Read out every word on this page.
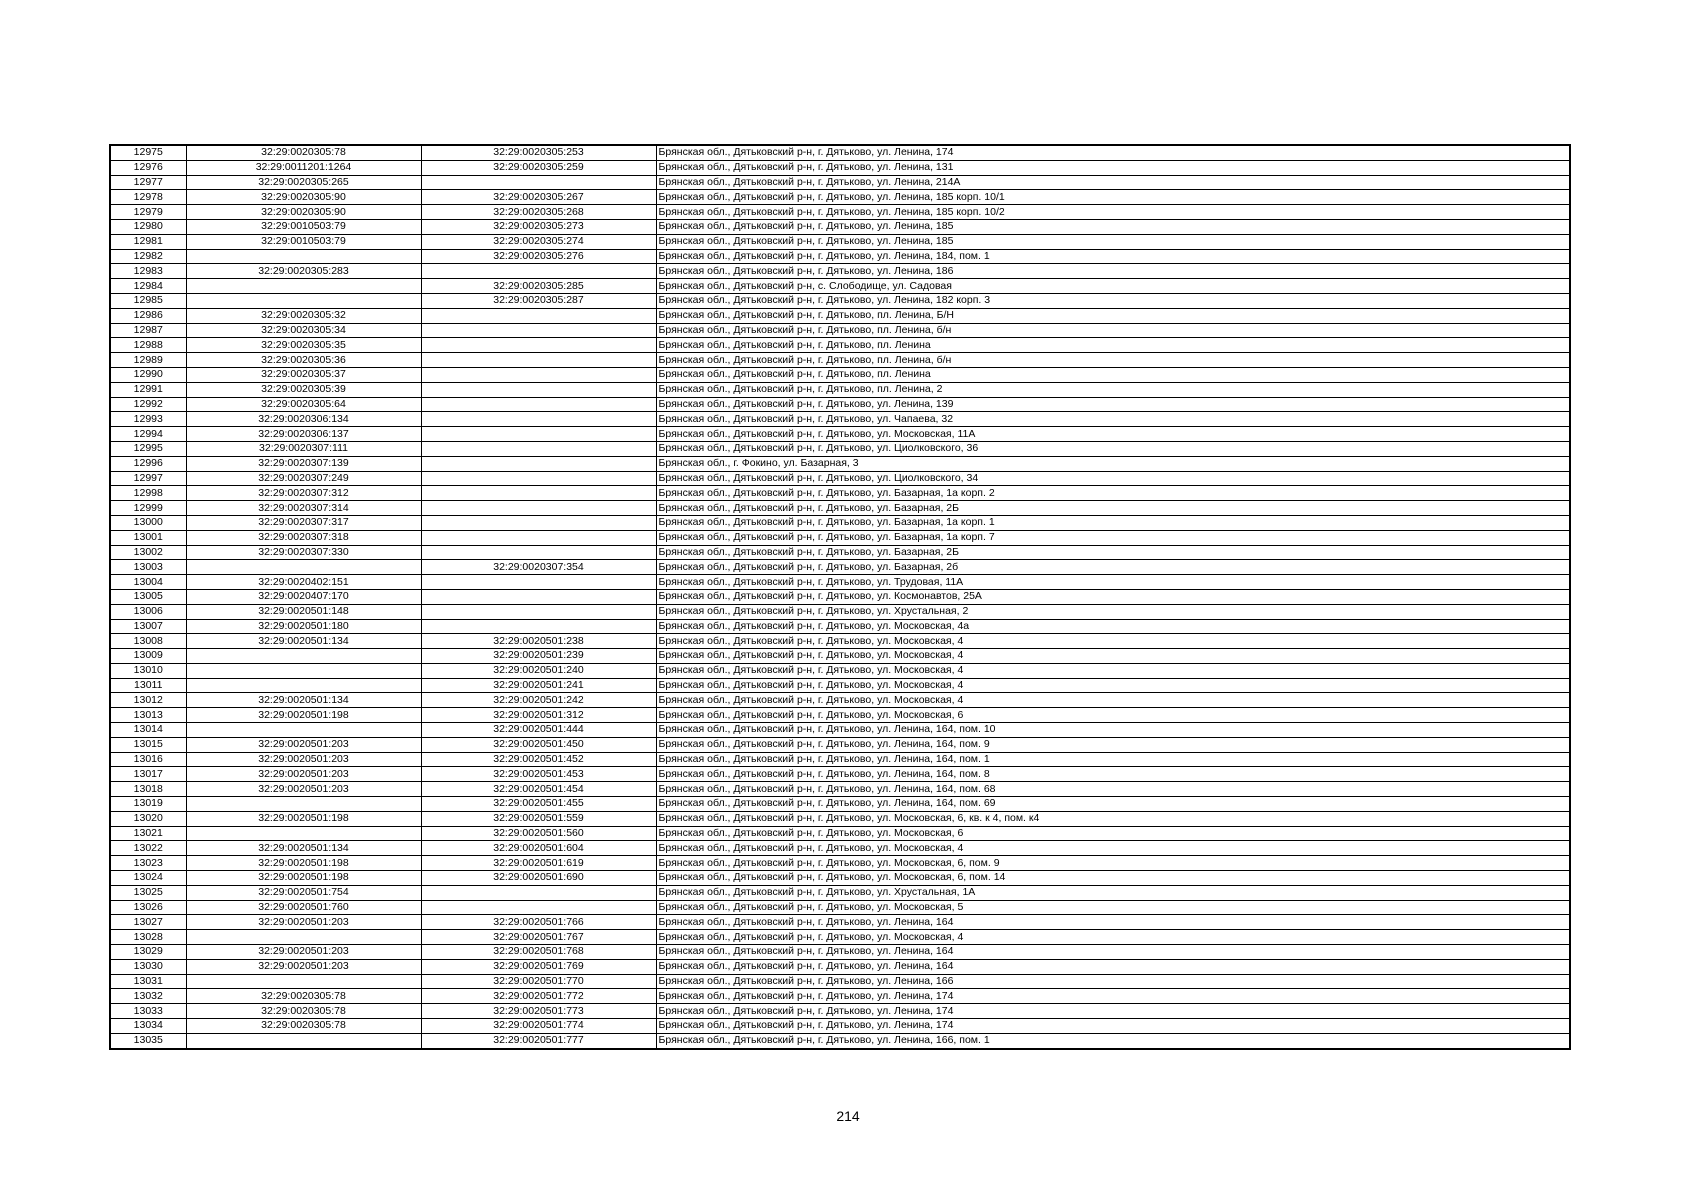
12975	32:29:0020305:78	32:29:0020305:253	Брянская обл., Дятьковский р-н, г. Дятьково, ул. Ленина, 174
12976	32:29:0011201:1264	32:29:0020305:259	Брянская обл., Дятьковский р-н, г. Дятьково, ул. Ленина, 131
12977	32:29:0020305:265		Брянская обл., Дятьковский р-н, г. Дятьково, ул. Ленина, 214А
12978	32:29:0020305:90	32:29:0020305:267	Брянская обл., Дятьковский р-н, г. Дятьково, ул. Ленина, 185 корп. 10/1
12979	32:29:0020305:90	32:29:0020305:268	Брянская обл., Дятьковский р-н, г. Дятьково, ул. Ленина, 185 корп. 10/2
12980	32:29:0010503:79	32:29:0020305:273	Брянская обл., Дятьковский р-н, г. Дятьково, ул. Ленина, 185
12981	32:29:0010503:79	32:29:0020305:274	Брянская обл., Дятьковский р-н, г. Дятьково, ул. Ленина, 185
12982		32:29:0020305:276	Брянская обл., Дятьковский р-н, г. Дятьково, ул. Ленина, 184, пом. 1
12983	32:29:0020305:283		Брянская обл., Дятьковский р-н, г. Дятьково, ул. Ленина, 186
12984		32:29:0020305:285	Брянская обл., Дятьковский р-н, с. Слободище, ул. Садовая
12985		32:29:0020305:287	Брянская обл., Дятьковский р-н, г. Дятьково, ул. Ленина, 182 корп. 3
12986	32:29:0020305:32		Брянская обл., Дятьковский р-н, г. Дятьково, пл. Ленина, Б/Н
12987	32:29:0020305:34		Брянская обл., Дятьковский р-н, г. Дятьково, пл. Ленина, б/н
12988	32:29:0020305:35		Брянская обл., Дятьковский р-н, г. Дятьково, пл. Ленина
12989	32:29:0020305:36		Брянская обл., Дятьковский р-н, г. Дятьково, пл. Ленина, б/н
12990	32:29:0020305:37		Брянская обл., Дятьковский р-н, г. Дятьково, пл. Ленина
12991	32:29:0020305:39		Брянская обл., Дятьковский р-н, г. Дятьково, пл. Ленина, 2
12992	32:29:0020305:64		Брянская обл., Дятьковский р-н, г. Дятьково, ул. Ленина, 139
12993	32:29:0020306:134		Брянская обл., Дятьковский р-н, г. Дятьково, ул. Чапаева, 32
12994	32:29:0020306:137		Брянская обл., Дятьковский р-н, г. Дятьково, ул. Московская, 11А
12995	32:29:0020307:111		Брянская обл., Дятьковский р-н, г. Дятьково, ул. Циолковского, 36
12996	32:29:0020307:139		Брянская обл., г. Фокино, ул. Базарная, 3
12997	32:29:0020307:249		Брянская обл., Дятьковский р-н, г. Дятьково, ул. Циолковского, 34
12998	32:29:0020307:312		Брянская обл., Дятьковский р-н, г. Дятьково, ул. Базарная, 1а корп. 2
12999	32:29:0020307:314		Брянская обл., Дятьковский р-н, г. Дятьково, ул. Базарная, 2Б
13000	32:29:0020307:317		Брянская обл., Дятьковский р-н, г. Дятьково, ул. Базарная, 1а корп. 1
13001	32:29:0020307:318		Брянская обл., Дятьковский р-н, г. Дятьково, ул. Базарная, 1а корп. 7
13002	32:29:0020307:330		Брянская обл., Дятьковский р-н, г. Дятьково, ул. Базарная, 2Б
13003		32:29:0020307:354	Брянская обл., Дятьковский р-н, г. Дятьково, ул. Базарная, 2б
13004	32:29:0020402:151		Брянская обл., Дятьковский р-н, г. Дятьково, ул. Трудовая, 11А
13005	32:29:0020407:170		Брянская обл., Дятьковский р-н, г. Дятьково, ул. Космонавтов, 25А
13006	32:29:0020501:148		Брянская обл., Дятьковский р-н, г. Дятьково, ул. Хрустальная, 2
13007	32:29:0020501:180		Брянская обл., Дятьковский р-н, г. Дятьково, ул. Московская, 4а
13008	32:29:0020501:134	32:29:0020501:238	Брянская обл., Дятьковский р-н, г. Дятьково, ул. Московская, 4
13009		32:29:0020501:239	Брянская обл., Дятьковский р-н, г. Дятьково, ул. Московская, 4
13010		32:29:0020501:240	Брянская обл., Дятьковский р-н, г. Дятьково, ул. Московская, 4
13011		32:29:0020501:241	Брянская обл., Дятьковский р-н, г. Дятьково, ул. Московская, 4
13012	32:29:0020501:134	32:29:0020501:242	Брянская обл., Дятьковский р-н, г. Дятьково, ул. Московская, 4
13013	32:29:0020501:198	32:29:0020501:312	Брянская обл., Дятьковский р-н, г. Дятьково, ул. Московская, 6
13014		32:29:0020501:444	Брянская обл., Дятьковский р-н, г. Дятьково, ул. Ленина, 164, пом. 10
13015	32:29:0020501:203	32:29:0020501:450	Брянская обл., Дятьковский р-н, г. Дятьково, ул. Ленина, 164, пом. 9
13016	32:29:0020501:203	32:29:0020501:452	Брянская обл., Дятьковский р-н, г. Дятьково, ул. Ленина, 164, пом. 1
13017	32:29:0020501:203	32:29:0020501:453	Брянская обл., Дятьковский р-н, г. Дятьково, ул. Ленина, 164, пом. 8
13018	32:29:0020501:203	32:29:0020501:454	Брянская обл., Дятьковский р-н, г. Дятьково, ул. Ленина, 164, пом. 68
13019		32:29:0020501:455	Брянская обл., Дятьковский р-н, г. Дятьково, ул. Ленина, 164, пом. 69
13020	32:29:0020501:198	32:29:0020501:559	Брянская обл., Дятьковский р-н, г. Дятьково, ул. Московская, 6, кв. к 4, пом. к4
13021		32:29:0020501:560	Брянская обл., Дятьковский р-н, г. Дятьково, ул. Московская, 6
13022	32:29:0020501:134	32:29:0020501:604	Брянская обл., Дятьковский р-н, г. Дятьково, ул. Московская, 4
13023	32:29:0020501:198	32:29:0020501:619	Брянская обл., Дятьковский р-н, г. Дятьково, ул. Московская, 6, пом. 9
13024	32:29:0020501:198	32:29:0020501:690	Брянская обл., Дятьковский р-н, г. Дятьково, ул. Московская, 6, пом. 14
13025	32:29:0020501:754		Брянская обл., Дятьковский р-н, г. Дятьково, ул. Хрустальная, 1А
13026	32:29:0020501:760		Брянская обл., Дятьковский р-н, г. Дятьково, ул. Московская, 5
13027	32:29:0020501:203	32:29:0020501:766	Брянская обл., Дятьковский р-н, г. Дятьково, ул. Ленина, 164
13028		32:29:0020501:767	Брянская обл., Дятьковский р-н, г. Дятьково, ул. Московская, 4
13029	32:29:0020501:203	32:29:0020501:768	Брянская обл., Дятьковский р-н, г. Дятьково, ул. Ленина, 164
13030	32:29:0020501:203	32:29:0020501:769	Брянская обл., Дятьковский р-н, г. Дятьково, ул. Ленина, 164
13031		32:29:0020501:770	Брянская обл., Дятьковский р-н, г. Дятьково, ул. Ленина, 166
13032	32:29:0020305:78	32:29:0020501:772	Брянская обл., Дятьковский р-н, г. Дятьково, ул. Ленина, 174
13033	32:29:0020305:78	32:29:0020501:773	Брянская обл., Дятьковский р-н, г. Дятьково, ул. Ленина, 174
13034	32:29:0020305:78	32:29:0020501:774	Брянская обл., Дятьковский р-н, г. Дятьково, ул. Ленина, 174
13035		32:29:0020501:777	Брянская обл., Дятьковский р-н, г. Дятьково, ул. Ленина, 166, пом. 1
214
